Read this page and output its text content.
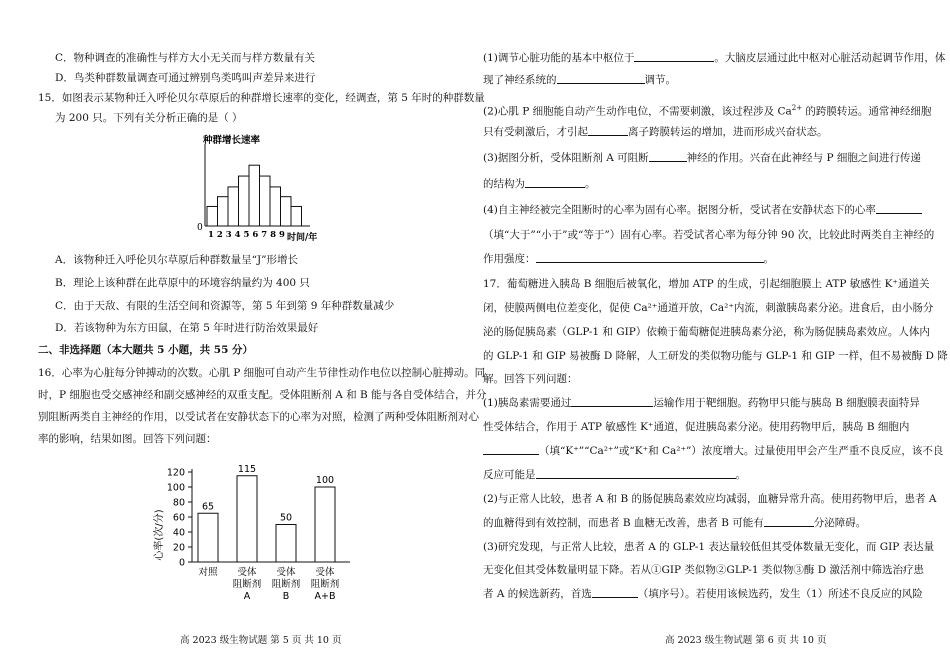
C．物种调查的准确性与样方大小无关而与样方数量有关
D．鸟类种群数量调查可通过辨别鸟类鸣叫声差异来进行
15．如图表示某物种迁入呼伦贝尔草原后的种群增长速率的变化，经调查，第 5 年时的种群数量
为 200 只。下列有关分析正确的是（ ）
种群增长速率
0
1 2 3 4 5 6 7 8 9 时间/年
A．该物种迁入呼伦贝尔草原后种群数量呈“J”形增长
B．理论上该种群在此草原中的环境容纳量约为 400 只
C．由于天敌、有限的生活空间和资源等，第 5 年到第 9 年种群数量减少
D．若该物种为东方田鼠，在第 5 年时进行防治效果最好
二、非选择题（本大题共 5 小题，共 55 分）
16．心率为心脏每分钟搏动的次数。心肌 P 细胞可自动产生节律性动作电位以控制心脏搏动。同
时，P 细胞也受交感神经和副交感神经的双重支配。受体阻断剂 A 和 B 能与各自受体结合，并分
别阻断两类自主神经的作用，以受试者在安静状态下的心率为对照，检测了两种受体阻断剂对心
率的影响，结果如图。回答下列问题：
心率(次/分)
0
20
40
60
80
100
120
65
对照
115
受体
阻断剂
A
50
受体
阻断剂
B
100
受体
阻断剂
A+B
高 2023 级生物试题 第 5 页 共 10 页
(1)调节心脏功能的基本中枢位于	。大脑皮层通过此中枢对心脏活动起调节作用，体
现了神经系统的	调节。
(2)心肌 P 细胞能自动产生动作电位，不需要刺激，该过程涉及 $Ca^{2+}$ 的跨膜转运。通常神经细胞
只有受刺激后，才引起	离子跨膜转运的增加，进而形成兴奋状态。
(3)据图分析，受体阻断剂 A 可阻断	神经的作用。兴奋在此神经与 P 细胞之间进行传递
的结构为	。
(4)自主神经被完全阻断时的心率为固有心率。据图分析，受试者在安静状态下的心率
（填“大于”“小于”或“等于”）固有心率。若受试者心率为每分钟 90 次，比较此时两类自主神经的
作用强度：	。
17．葡萄糖进入胰岛 B 细胞后被氧化，增加 ATP 的生成，引起细胞膜上 ATP 敏感性 K⁺通道关
闭，使膜两侧电位差变化，促使 Ca²⁺通道开放，Ca²⁺内流，刺激胰岛素分泌。进食后，由小肠分
泌的肠促胰岛素（GLP-1 和 GIP）依赖于葡萄糖促进胰岛素分泌，称为肠促胰岛素效应。人体内
的 GLP-1 和 GIP 易被酶 D 降解，人工研发的类似物功能与 GLP-1 和 GIP 一样，但不易被酶 D 降
解。回答下列问题：
(1)胰岛素需要通过	运输作用于靶细胞。药物甲只能与胰岛 B 细胞膜表面特异
性受体结合，作用于 ATP 敏感性 K⁺通道，促进胰岛素分泌。使用药物甲后，胰岛 B 细胞内
（填“K⁺”“Ca²⁺”或“K⁺和 Ca²⁺”）浓度增大。过量使用甲会产生严重不良反应，该不良
反应可能是	。
(2)与正常人比较，患者 A 和 B 的肠促胰岛素效应均减弱，血糖异常升高。使用药物甲后，患者 A
的血糖得到有效控制，而患者 B 血糖无改善，患者 B 可能有	分泌障碍。
(3)研究发现，与正常人比较，患者 A 的 GLP-1 表达量较低但其受体数量无变化，而 GIP 表达量
无变化但其受体数量明显下降。若从①GIP 类似物②GLP-1 类似物③酶 D 激活剂中筛选治疗患
者 A 的候选新药，首选	（填序号）。若使用该候选药，发生（1）所述不良反应的风险
高 2023 级生物试题 第 6 页 共 10 页
